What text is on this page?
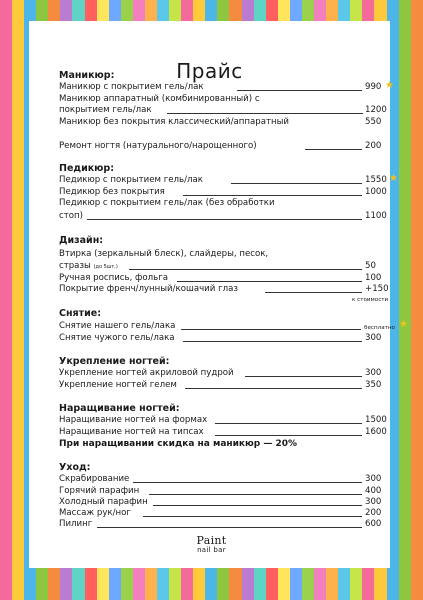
Прайс
Маникюр:
Маникюр с покрытием гель/лак	990 ★
Маникюр аппаратный (комбинированный) с
покрытием гель/лак	1200
Маникюр без покрытия классический/аппаратный	550
Ремонт ногтя (натурального/нарощенного)	200
Педикюр:
Педикюр с покрытием гель/лак	1550 ★
Педикюр без покрытия	1000
Педикюр с покрытием гель/лак (без обработки
стоп)	1100
Дизайн:
Втирка (зеркальный блеск), слайдеры, песок,
стразы (до 5шт.)	50
Ручная роспись, фольга	100
Покрытие френч/лунный/кошачий глаз	+150
к стоимости
Снятие:
Снятие нашего гель/лака	бесплатно ★
Снятие чужого гель/лака	300
Укрепление ногтей:
Укрепление ногтей акриловой пудрой	300
Укрепление ногтей гелем	350
Наращивание ногтей:
Наращивание ногтей на формах	1500
Наращивание ногтей на типсах	1600
При наращивании скидка на маникюр — 20%
Уход:
Скрабирование	300
Горячий парафин	400
Холодный парафин	300
Массаж рук/ног	200
Пилинг	600
Paint
nail bar
